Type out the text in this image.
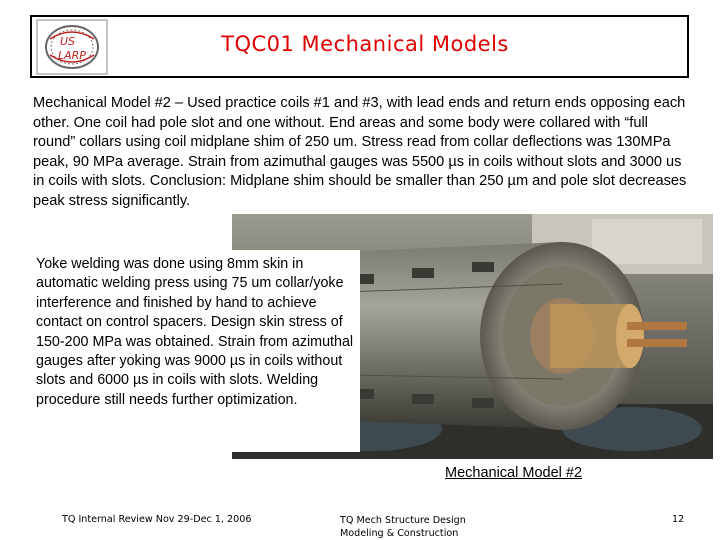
US
LARP	TQC01 Mechanical Models
Mechanical Model #2 – Used practice coils #1 and #3, with lead ends and return ends opposing each other. One coil had pole slot and one without. End areas and some body were collared with “full round” collars using coil midplane shim of 250 um. Stress read from collar deflections was 130MPa peak, 90 MPa average. Strain from azimuthal gauges was 5500 µs in coils without slots and 3000 us in coils with slots. Conclusion: Midplane shim should be smaller than 250 µm and pole slot decreases peak stress significantly.

Yoke welding was done using 8mm skin in automatic welding press using 75 um collar/yoke interference and finished by hand to achieve contact on control spacers. Design skin stress of 150-200 MPa was obtained. Strain from azimuthal gauges after yoking was 9000 µs in coils without slots and 6000 µs in coils with slots. Welding procedure still needs further optimization.

Mechanical Model #2
TQ Internal Review Nov 29-Dec 1, 2006	TQ Mech Structure Design
Modeling & Construction
12
